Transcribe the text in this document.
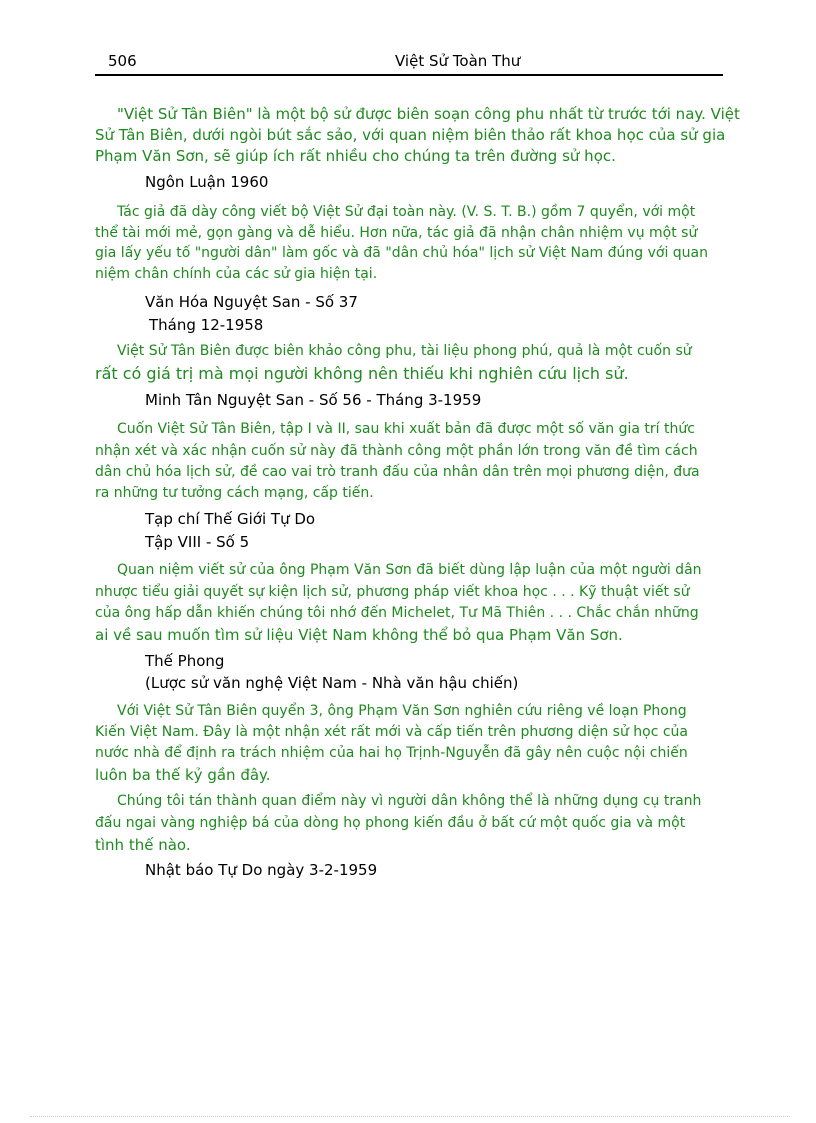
506	Việt Sử Toàn Thư
"Việt Sử Tân Biên" là một bộ sử được biên soạn công phu nhất từ trước tới nay. Việt
Sử Tân Biên, dưới ngòi bút sắc sảo, với quan niệm biên thảo rất khoa học của sử gia
Phạm Văn Sơn, sẽ giúp ích rất nhiều cho chúng ta trên đường sử học.
Ngôn Luận 1960
Tác giả đã dày công viết bộ Việt Sử đại toàn này. (V. S. T. B.) gồm 7 quyển, với một
thể tài mới mẻ, gọn gàng và dễ hiểu. Hơn nữa, tác giả đã nhận chân nhiệm vụ một sử
gia lấy yếu tố "người dân" làm gốc và đã "dân chủ hóa" lịch sử Việt Nam đúng với quan
niệm chân chính của các sử gia hiện tại.
Văn Hóa Nguyệt San - Số 37
Tháng 12-1958
Việt Sử Tân Biên được biên khảo công phu, tài liệu phong phú, quả là một cuốn sử
rất có giá trị mà mọi người không nên thiếu khi nghiên cứu lịch sử.
Minh Tân Nguyệt San - Số 56 - Tháng 3-1959
Cuốn Việt Sử Tân Biên, tập I và II, sau khi xuất bản đã được một số văn gia trí thức
nhận xét và xác nhận cuốn sử này đã thành công một phần lớn trong văn đề tìm cách
dân chủ hóa lịch sử, đề cao vai trò tranh đấu của nhân dân trên mọi phương diện, đưa
ra những tư tưởng cách mạng, cấp tiến.
Tạp chí Thế Giới Tự Do
Tập VIII - Số 5
Quan niệm viết sử của ông Phạm Văn Sơn đã biết dùng lập luận của một người dân
nhược tiểu giải quyết sự kiện lịch sử, phương pháp viết khoa học . . . Kỹ thuật viết sử
của ông hấp dẫn khiến chúng tôi nhớ đến Michelet, Tư Mã Thiên . . . Chắc chắn những
ai về sau muốn tìm sử liệu Việt Nam không thể bỏ qua Phạm Văn Sơn.
Thế Phong
(Lược sử văn nghệ Việt Nam - Nhà văn hậu chiến)
Với Việt Sử Tân Biên quyển 3, ông Phạm Văn Sơn nghiên cứu riêng về loạn Phong
Kiến Việt Nam. Đây là một nhận xét rất mới và cấp tiến trên phương diện sử học của
nước nhà để định ra trách nhiệm của hai họ Trịnh-Nguyễn đã gây nên cuộc nội chiến
luôn ba thế kỷ gần đây.
Chúng tôi tán thành quan điểm này vì người dân không thể là những dụng cụ tranh
đấu ngai vàng nghiệp bá của dòng họ phong kiến đầu ở bất cứ một quốc gia và một
tình thế nào.
Nhật báo Tự Do ngày 3-2-1959
